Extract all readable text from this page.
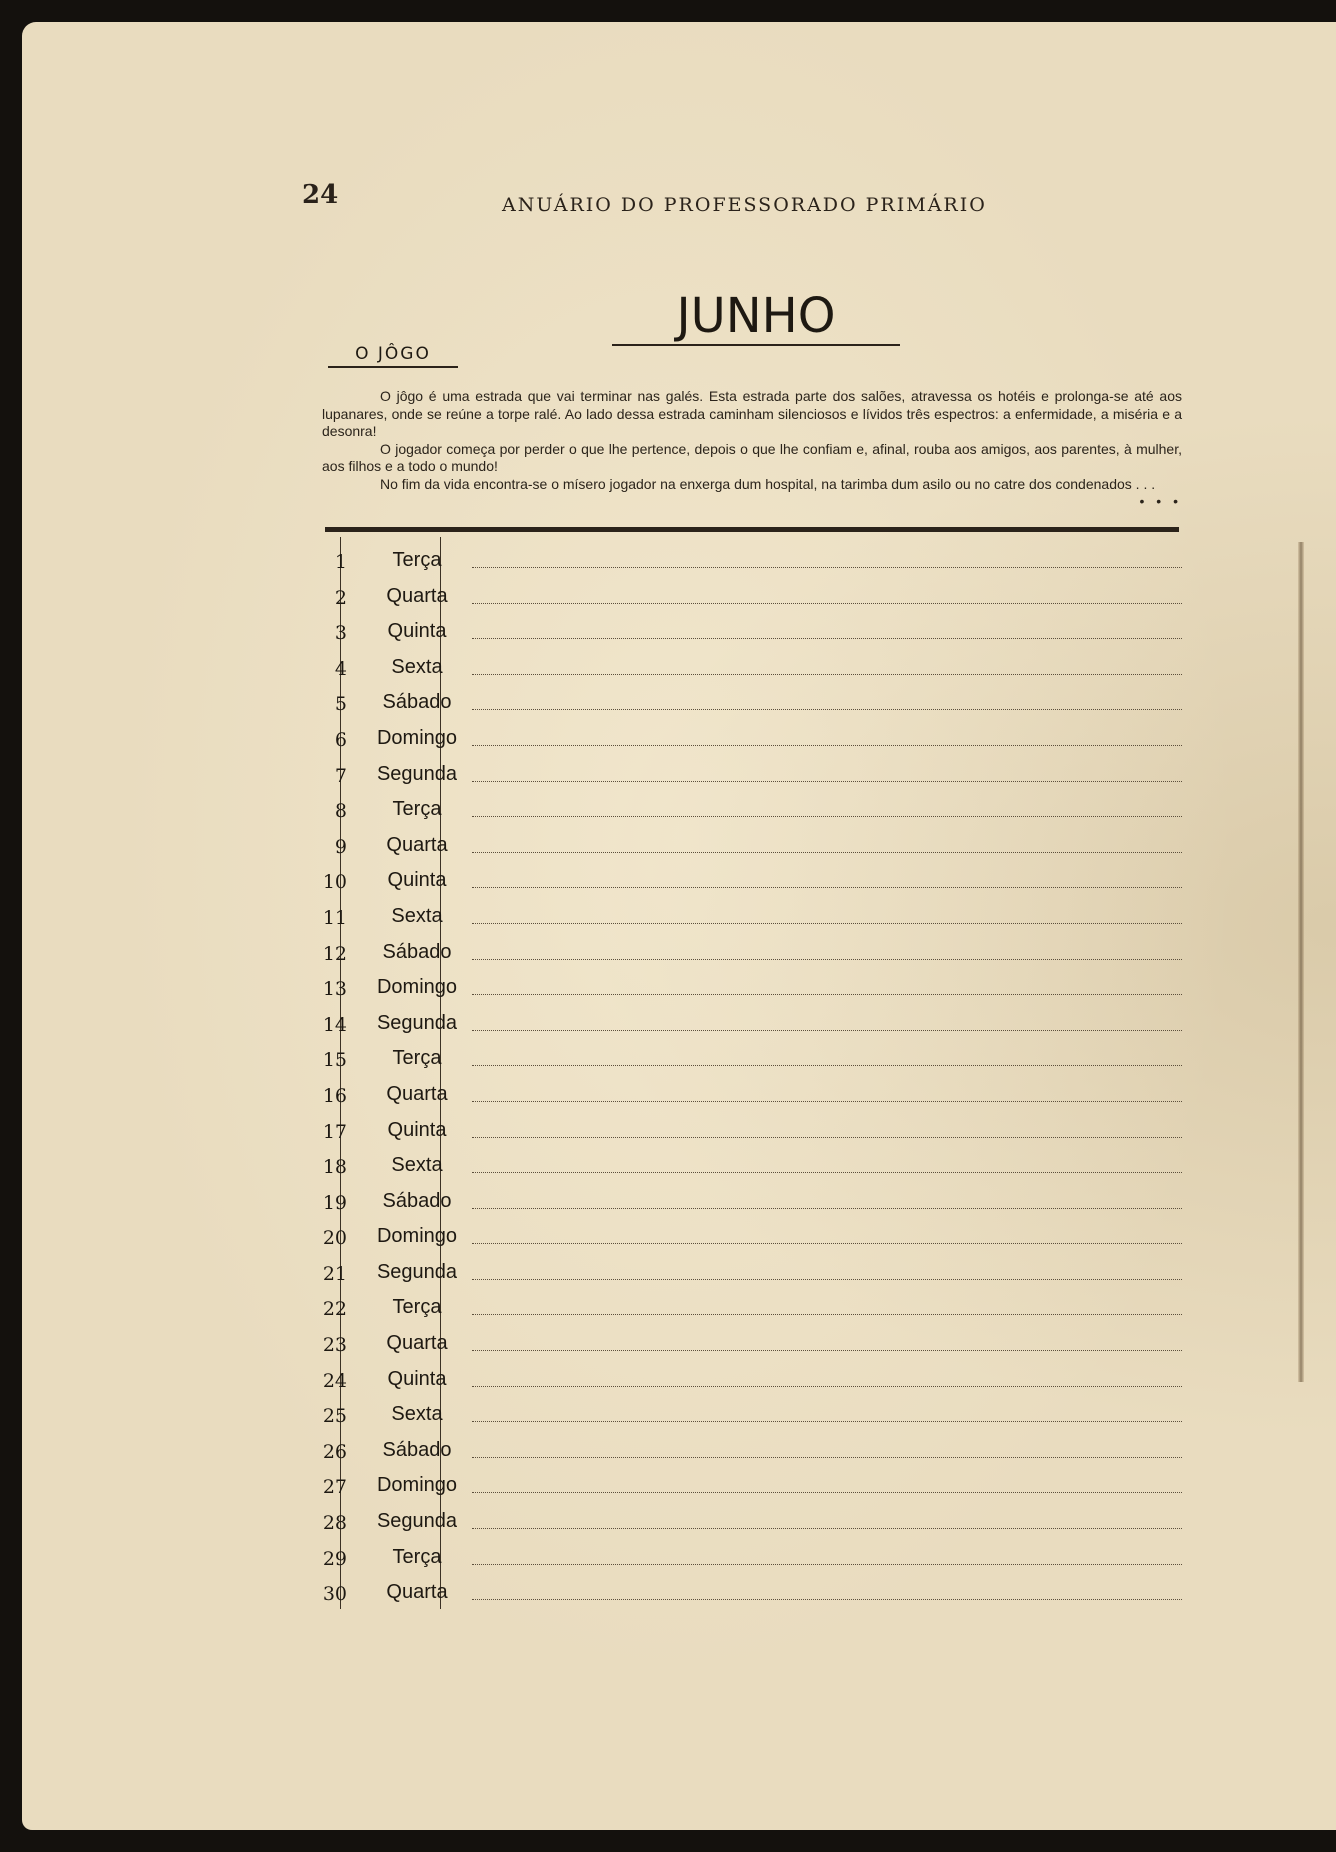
24	ANUÁRIO DO PROFESSORADO PRIMÁRIO
JUNHO
O JÔGO

O jôgo é uma estrada que vai terminar nas galés. Esta estrada parte dos salões, atravessa os hotéis e prolonga-se até aos lupanares, onde se reúne a torpe ralé. Ao lado dessa estrada caminham silenciosos e lívidos três espectros: a enfermidade, a miséria e a desonra!

O jogador começa por perder o que lhe pertence, depois o que lhe confiam e, afinal, rouba aos amigos, aos parentes, à mulher, aos filhos e a todo o mundo!

No fim da vida encontra-se o mísero jogador na enxerga dum hospital, na tarimba dum asilo ou no catre dos condenados . . .
• • •

1	Terça
2	Quarta
3	Quinta
4	Sexta
5	Sábado
6	Domingo
7	Segunda
8	Terça
9	Quarta
10	Quinta
11	Sexta
12	Sábado
13	Domingo
14	Segunda
15	Terça
16	Quarta
17	Quinta
18	Sexta
19	Sábado
20	Domingo
21	Segunda
22	Terça
23	Quarta
24	Quinta
25	Sexta
26	Sábado
27	Domingo
28	Segunda
29	Terça
30	Quarta
